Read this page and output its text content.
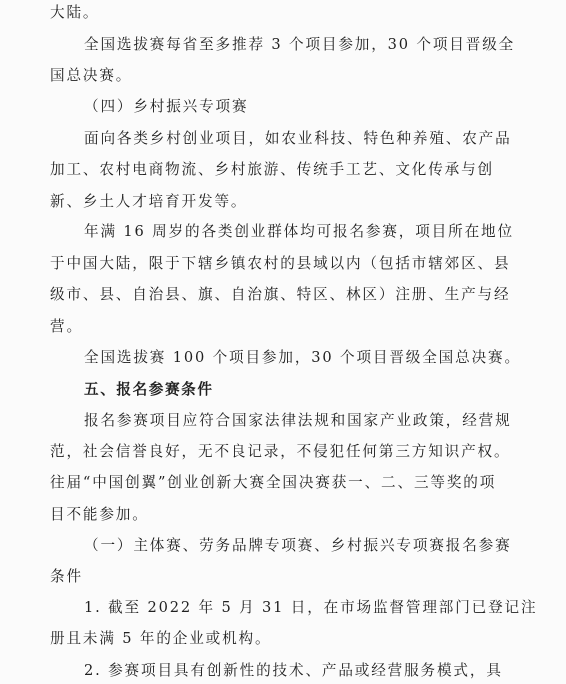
大陆。
全国选拔赛每省至多推荐 3 个项目参加，30 个项目晋级全
国总决赛。
（四）乡村振兴专项赛
面向各类乡村创业项目，如农业科技、特色种养殖、农产品
加工、农村电商物流、乡村旅游、传统手工艺、文化传承与创
新、乡土人才培育开发等。
年满 16 周岁的各类创业群体均可报名参赛，项目所在地位
于中国大陆，限于下辖乡镇农村的县域以内（包括市辖郊区、县
级市、县、自治县、旗、自治旗、特区、林区）注册、生产与经
营。
全国选拔赛 100 个项目参加，30 个项目晋级全国总决赛。
五、报名参赛条件
报名参赛项目应符合国家法律法规和国家产业政策，经营规
范，社会信誉良好，无不良记录，不侵犯任何第三方知识产权。
往届“中国创翼”创业创新大赛全国决赛获一、二、三等奖的项
目不能参加。
（一）主体赛、劳务品牌专项赛、乡村振兴专项赛报名参赛
条件
1. 截至 2022 年 5 月 31 日，在市场监督管理部门已登记注
册且未满 5 年的企业或机构。
2. 参赛项目具有创新性的技术、产品或经营服务模式，具
